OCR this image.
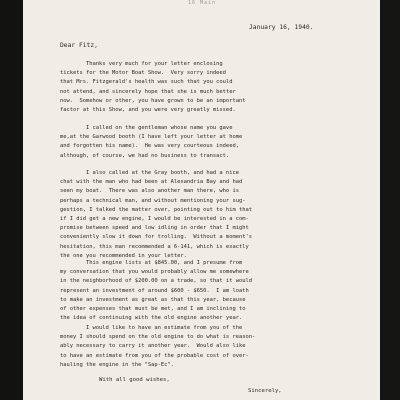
16 Main
January 16, 1940.
Dear Fitz,
Thanks very much for your letter enclosing
tickets for the Motor Boat Show.  Very sorry indeed
that Mrs. Fitzgerald's health was such that you could
not attend, and sincerely hope that she is much better
now.  Somehow or other, you have grown to be an important
factor at this Show, and you were very greatly missed.
I called on the gentleman whose name you gave
me,at the Garwood booth (I have left your letter at home
and forgotten his name).  He was very courteous indeed,
although, of course, we had no business to transact.
I also called at the Gray booth, and had a nice
chat with the man who had been at Alexandria Bay and had
seen my boat.  There was also another man there, who is
perhaps a technical man, and without mentioning your sug-
gestion, I talked the matter over, pointing out to him that
if I did get a new engine, I would be interested in a com-
promise between speed and low idling in order that I might
conveniently slow it down for trolling.  Without a moment's
hesitation, this man recommended a 6-141, which is exactly
the one you recommended in your letter.
This engine lists at $845.00, and I presume from
my conversation that you would probably allow me somewhere
in the neighborhood of $200.00 on a trade, so that it would
represent an investment of around $600 - $650.  I am loath
to make an investment as great as that this year, because
of other expenses that must be met, and I am inclining to
the idea of continuing with the old engine another year.
I would like to have an estimate from you of the
money I should spend on the old engine to do what is reason-
ably necessary to carry it another year.  Would also like
to have an estimate from you of the probable cost of over-
hauling the engine in the "Sap-Ec".
With all good wishes,
Sincerely,
